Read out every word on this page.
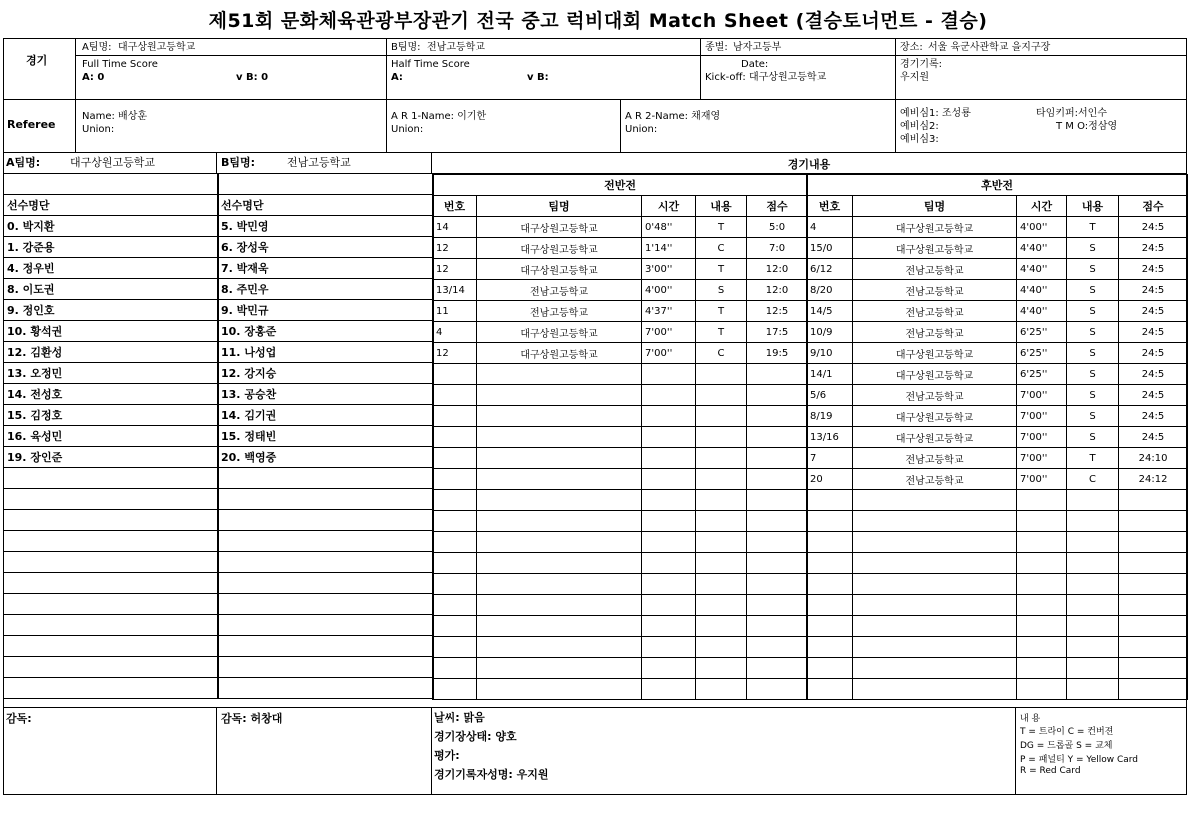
제51회 문화체육관광부장관기 전국 중고 럭비대회 Match Sheet (결승토너먼트 - 결승)
경기
A팀명: 대구상원고등학교
Full Time Score
A: 0	v B: 0
B팀명: 전남고등학교
Half Time Score
A:	v B:
종별: 남자고등부
Date:
Kick-off: 대구상원고등학교
장소: 서울 육군사관학교 을지구장
경기기록:
우지원
Referee
Name: 배상훈
Union:
A R 1-Name: 이기한
Union:
A R 2-Name: 채재영
Union:
예비심1: 조성룡
예비심2:
예비심3:
타임키퍼:서인수
T M O:정삼영
A팀명:	대구상원고등학교	B팀명:	전남고등학교	경기내용

선수명단
0. 박지환
1. 강준용
4. 정우빈
8. 이도권
9. 정인호
10. 황석권
12. 김환성
13. 오정민
14. 전성호
15. 김정호
16. 육성민
19. 장인준

선수명단
5. 박민영
6. 장성욱
7. 박재욱
8. 주민우
9. 박민규
10. 장홍준
11. 나성업
12. 강지승
13. 공승찬
14. 김기권
15. 정태빈
20. 백영중

전반전				
번호	팀명	시간	내용	점수
14	대구상원고등학교	0'48''	T	5:0
12	대구상원고등학교	1'14''	C	7:0
12	대구상원고등학교	3'00''	T	12:0
13/14	전남고등학교	4'00''	S	12:0
11	전남고등학교	4'37''	T	12:5
4	대구상원고등학교	7'00''	T	17:5
12	대구상원고등학교	7'00''	C	19:5

후반전				
번호	팀명	시간	내용	점수
4	대구상원고등학교	4'00''	T	24:5
15/0	대구상원고등학교	4'40''	S	24:5
6/12	전남고등학교	4'40''	S	24:5
8/20	전남고등학교	4'40''	S	24:5
14/5	전남고등학교	4'40''	S	24:5
10/9	전남고등학교	6'25''	S	24:5
9/10	대구상원고등학교	6'25''	S	24:5
14/1	대구상원고등학교	6'25''	S	24:5
5/6	전남고등학교	7'00''	S	24:5
8/19	대구상원고등학교	7'00''	S	24:5
13/16	대구상원고등학교	7'00''	S	24:5
7	전남고등학교	7'00''	T	24:10
20	전남고등학교	7'00''	C	24:12

감독:	감독: 허창대	날씨: 맑음
경기장상태: 양호
평가:
경기기록자성명: 우지원
내 용
T = 트라이 C = 컨버젼
DG = 드롭골 S = 교체
P = 패널티 Y = Yellow Card
R = Red Card
